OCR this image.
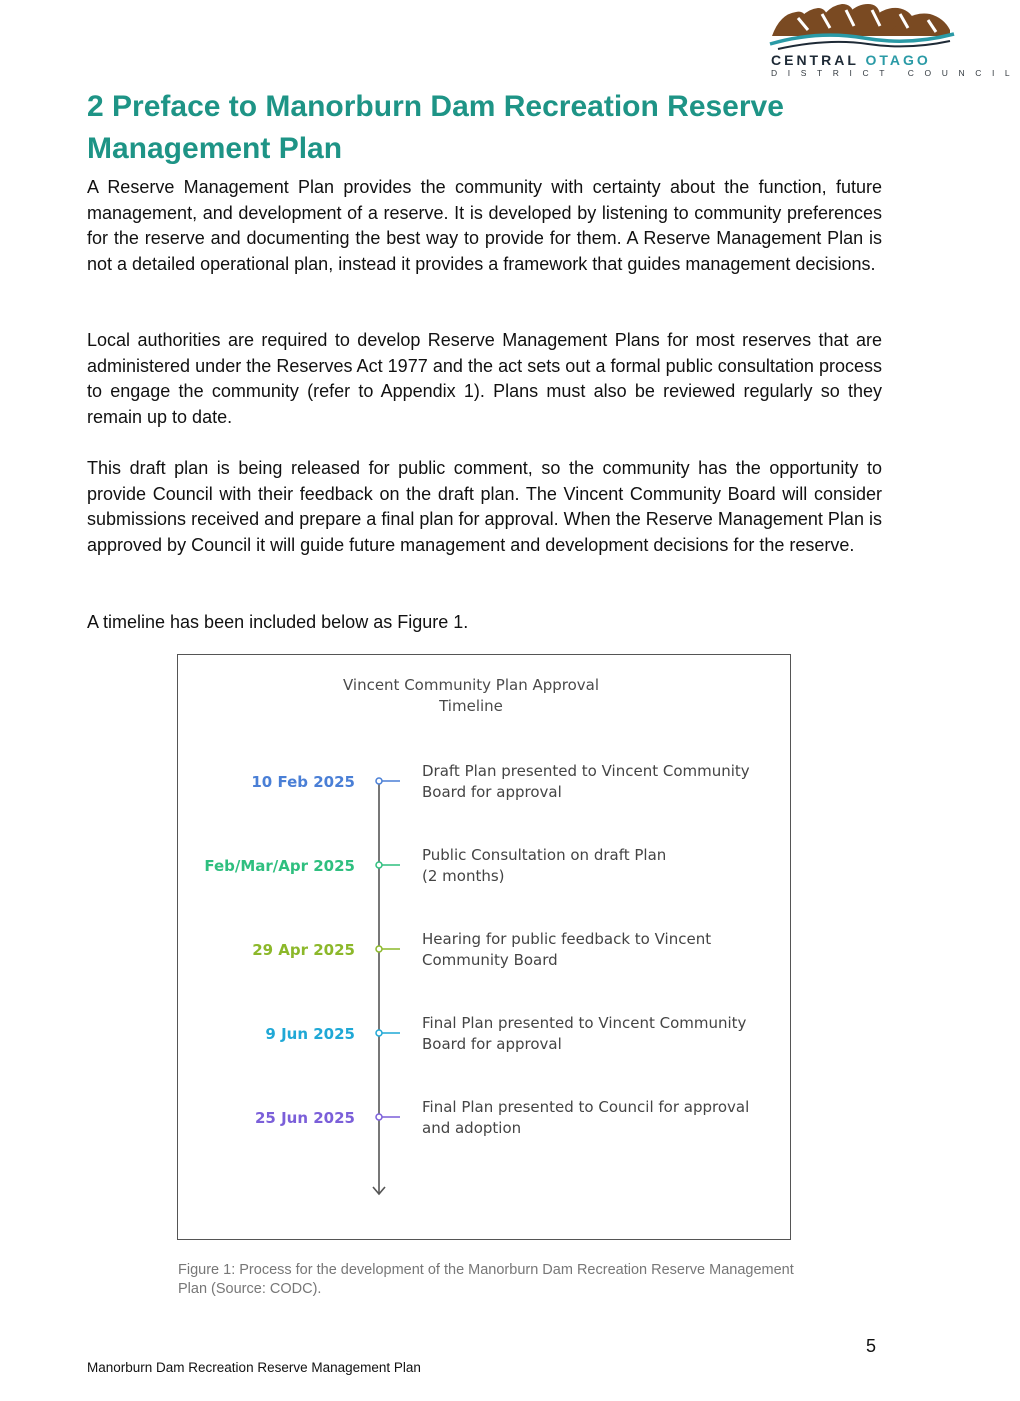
CENTRAL OTAGO
DISTRICT COUNCIL
2 Preface to Manorburn Dam Recreation Reserve Management Plan

A Reserve Management Plan provides the community with certainty about the function, future management, and development of a reserve. It is developed by listening to community preferences for the reserve and documenting the best way to provide for them. A Reserve Management Plan is not a detailed operational plan, instead it provides a framework that guides management decisions.

Local authorities are required to develop Reserve Management Plans for most reserves that are administered under the Reserves Act 1977 and the act sets out a formal public consultation process to engage the community (refer to Appendix 1). Plans must also be reviewed regularly so they remain up to date.

This draft plan is being released for public comment, so the community has the opportunity to provide Council with their feedback on the draft plan. The Vincent Community Board will consider submissions received and prepare a final plan for approval. When the Reserve Management Plan is approved by Council it will guide future management and development decisions for the reserve.

A timeline has been included below as Figure 1.

Vincent Community Plan Approval
Timeline
10 Feb 2025
Draft Plan presented to Vincent Community
Board for approval
Feb/Mar/Apr 2025
Public Consultation on draft Plan
(2 months)
29 Apr 2025
Hearing for public feedback to Vincent
Community Board
9 Jun 2025
Final Plan presented to Vincent Community
Board for approval
25 Jun 2025
Final Plan presented to Council for approval
and adoption
Figure 1: Process for the development of the Manorburn Dam Recreation Reserve Management Plan (Source: CODC).
5
Manorburn Dam Recreation Reserve Management Plan
